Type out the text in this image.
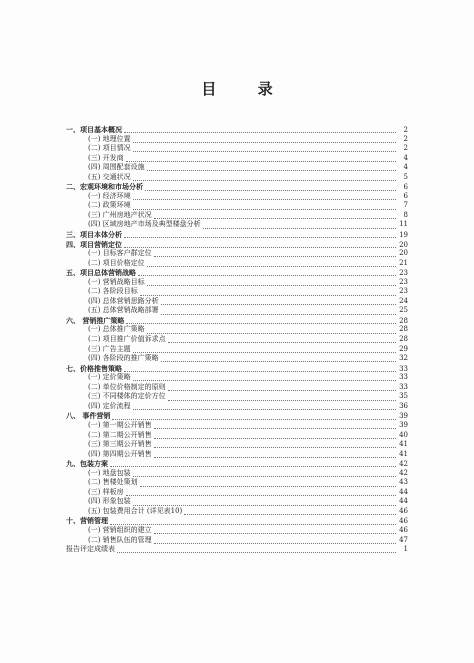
目 录
一、项目基本概况	2
(一) 地理位置	2
(二) 项目情况	2
(三) 开发商	4
(四) 周围配套设施	4
(五) 交通状况	5
二、宏观环境和市场分析	6
(一) 经济环境	6
(二) 政策环境	7
(三) 广州房地产状况	8
(四) 区域房地产市场及典型楼盘分析	11
三、项目本体分析	19
四、项目营销定位	20
(一) 目标客户群定位	20
(二) 项目价格定位	21
五、项目总体营销战略	23
(一) 营销战略目标	23
(二) 各阶段目标	23
(四) 总体营销思路分析	24
(五) 总体营销战略部署	25
六、 营销推广策略	28
(一) 总体推广策略	28
(二) 项目推广价值诉求点	28
(三) 广告主题	29
(四) 各阶段的推广策略	32
七、价格推售策略	33
(一) 定价策略	33
(二) 单位价格制定的原则	33
(三) 不同楼体的定价方位	35
(四) 定价流程	36
八、 事件营销	39
(一) 第一期公开销售	39
(二) 第二期公开销售	40
(三) 第三期公开销售	41
(四) 第四期公开销售	41
九、包装方案	42
(一) 地盘包装	42
(二) 售楼处策划	43
(三) 样板房	44
(四) 形象包装	44
(五) 包装费用合计 (详见表10)	46
十、营销管理	46
(一) 营销组织的建立	46
(二) 销售队伍的管理	47
报告评定成绩表	1
